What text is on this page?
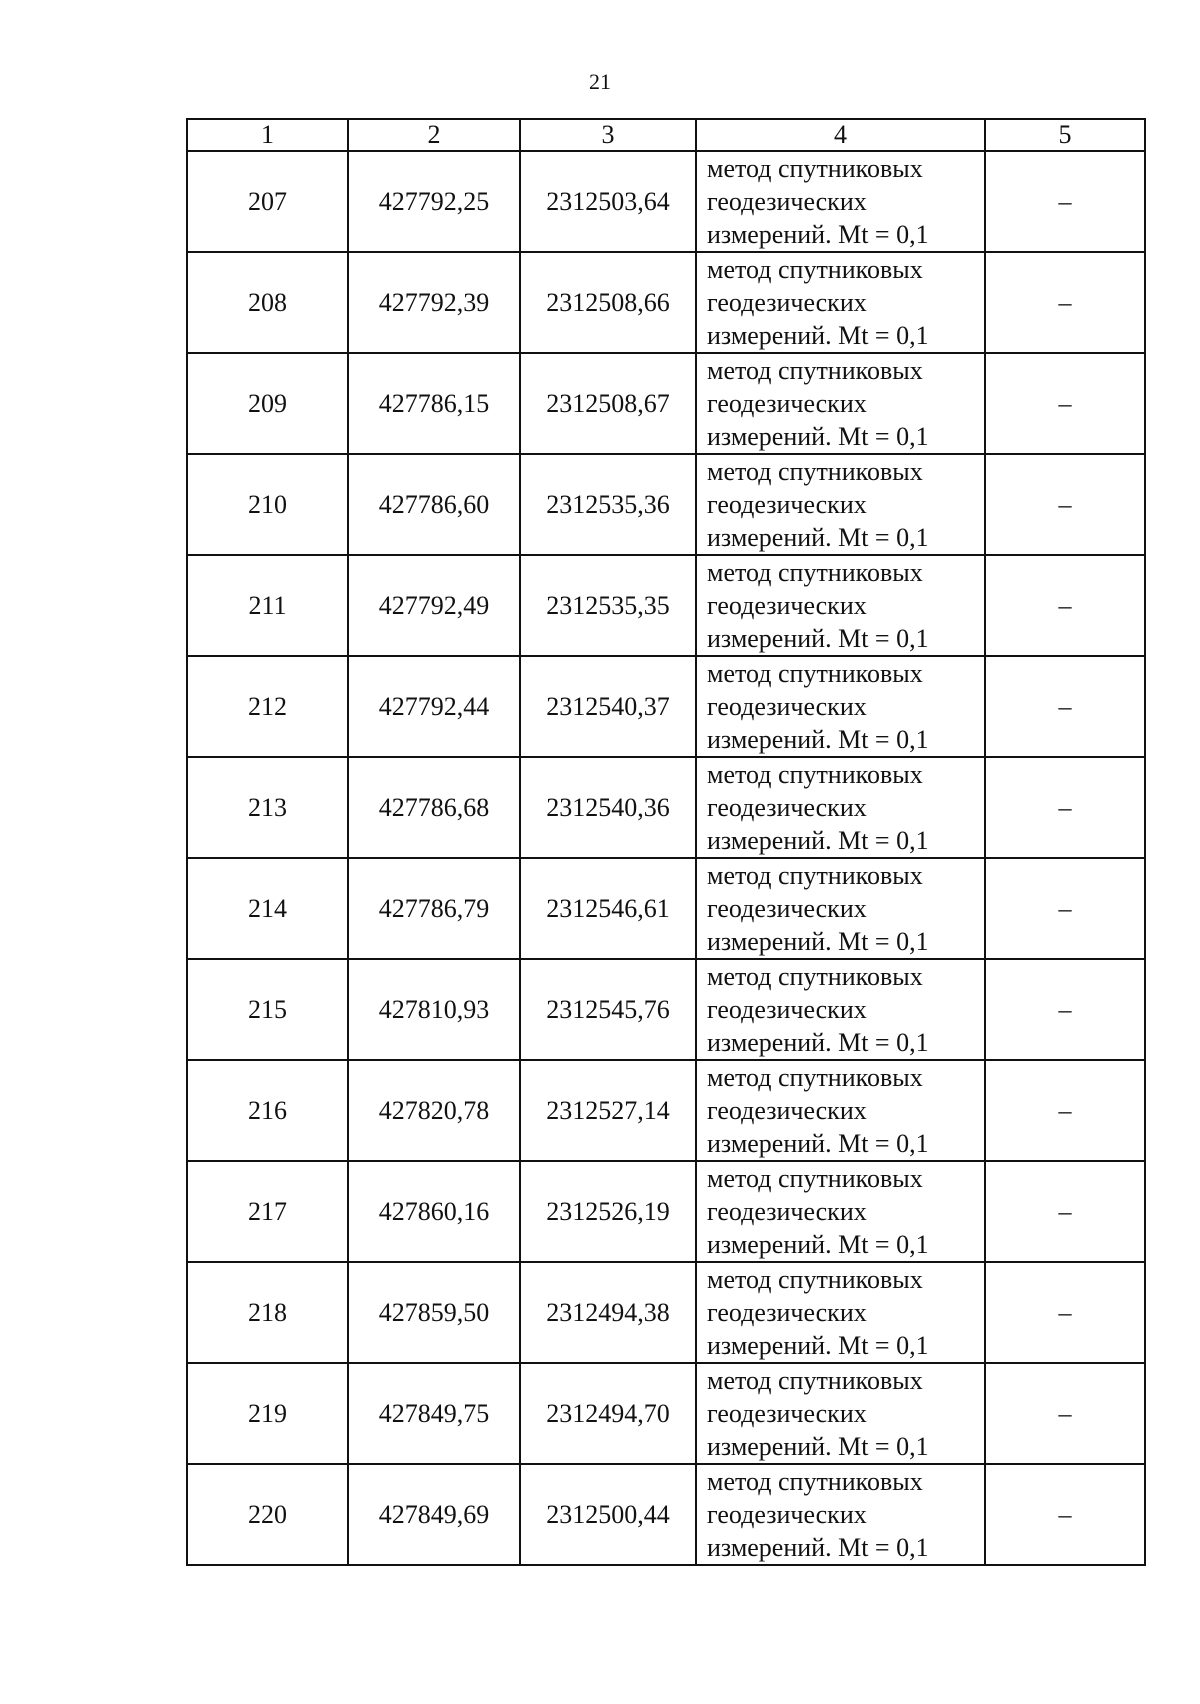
21
1	2	3	4	5
207	427792,25	2312503,64	метод спутниковых
геодезических
измерений. Mt = 0,1	–
208	427792,39	2312508,66	метод спутниковых
геодезических
измерений. Mt = 0,1	–
209	427786,15	2312508,67	метод спутниковых
геодезических
измерений. Mt = 0,1	–
210	427786,60	2312535,36	метод спутниковых
геодезических
измерений. Mt = 0,1	–
211	427792,49	2312535,35	метод спутниковых
геодезических
измерений. Mt = 0,1	–
212	427792,44	2312540,37	метод спутниковых
геодезических
измерений. Mt = 0,1	–
213	427786,68	2312540,36	метод спутниковых
геодезических
измерений. Mt = 0,1	–
214	427786,79	2312546,61	метод спутниковых
геодезических
измерений. Mt = 0,1	–
215	427810,93	2312545,76	метод спутниковых
геодезических
измерений. Mt = 0,1	–
216	427820,78	2312527,14	метод спутниковых
геодезических
измерений. Mt = 0,1	–
217	427860,16	2312526,19	метод спутниковых
геодезических
измерений. Mt = 0,1	–
218	427859,50	2312494,38	метод спутниковых
геодезических
измерений. Mt = 0,1	–
219	427849,75	2312494,70	метод спутниковых
геодезических
измерений. Mt = 0,1	–
220	427849,69	2312500,44	метод спутниковых
геодезических
измерений. Mt = 0,1	–
